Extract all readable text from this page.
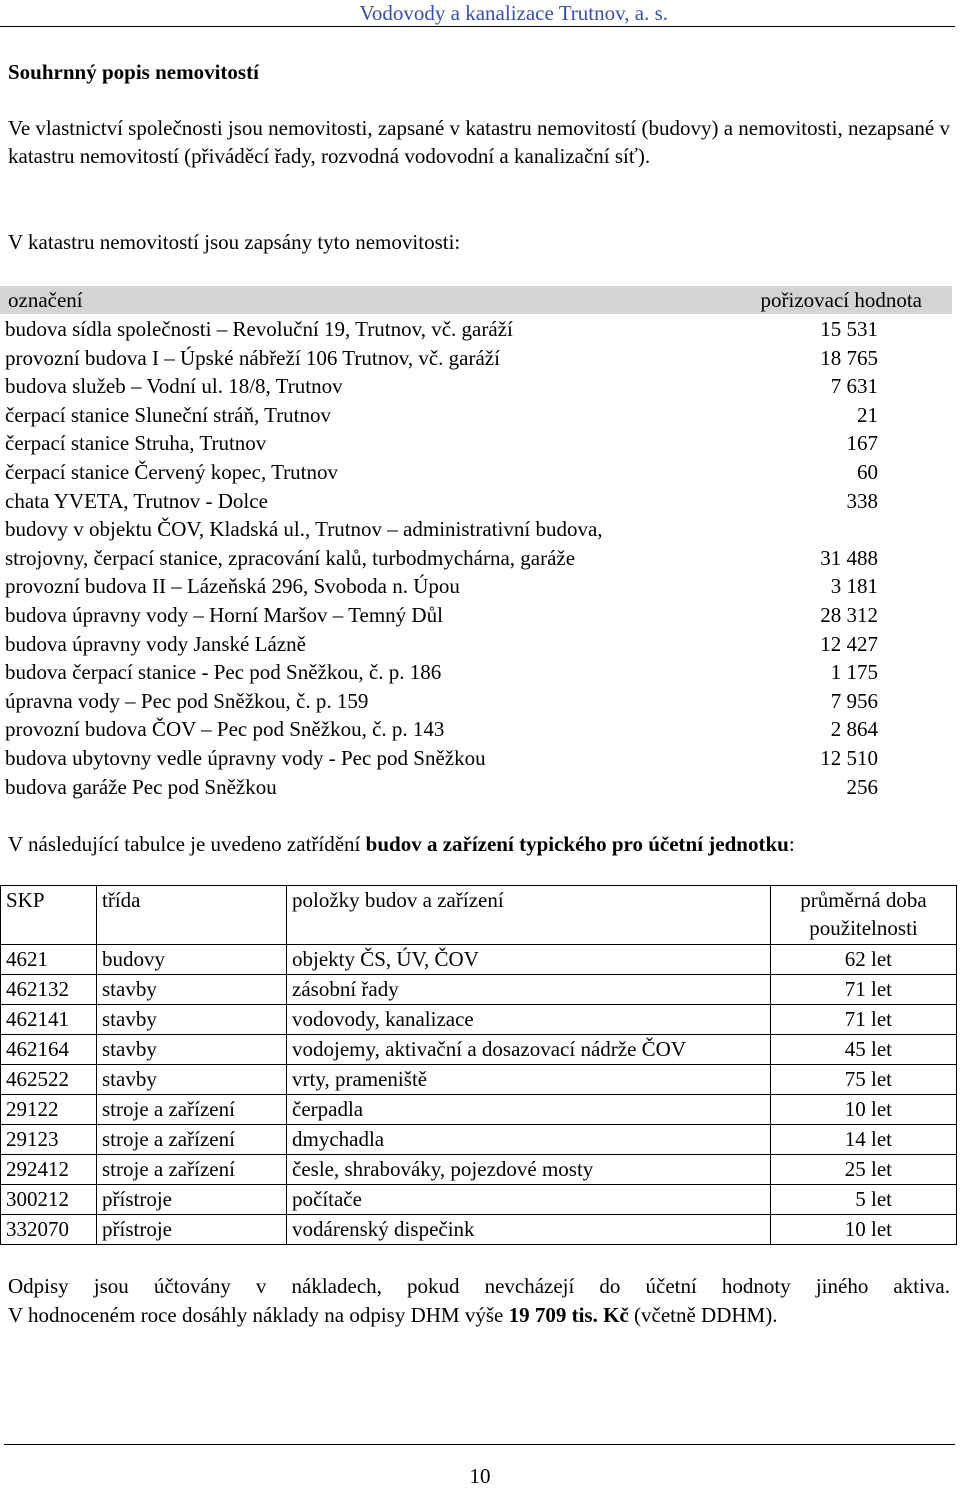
Vodovody a kanalizace Trutnov, a. s.
Souhrnný popis nemovitostí
Ve vlastnictví společnosti jsou nemovitosti, zapsané v katastru nemovitostí (budovy) a nemovitosti, nezapsané v katastru nemovitostí (přiváděcí řady, rozvodná vodovodní a kanalizační síť).
V katastru nemovitostí jsou zapsány tyto nemovitosti:
označení	pořizovací hodnota
budova sídla společnosti – Revoluční 19, Trutnov, vč. garáží	15 531
provozní budova I – Úpské nábřeží 106 Trutnov, vč. garáží	18 765
budova služeb – Vodní ul. 18/8, Trutnov	7 631
čerpací stanice Sluneční stráň, Trutnov	21
čerpací stanice Struha, Trutnov	167
čerpací stanice Červený kopec, Trutnov	60
chata YVETA, Trutnov - Dolce	338
budovy v objektu ČOV, Kladská ul., Trutnov – administrativní budova,
strojovny, čerpací stanice, zpracování kalů, turbodmychárna, garáže	31 488
provozní budova II – Lázeňská 296, Svoboda n. Úpou	3 181
budova úpravny vody – Horní Maršov – Temný Důl	28 312
budova úpravny vody Janské Lázně	12 427
budova čerpací stanice - Pec pod Sněžkou, č. p. 186	1 175
úpravna vody – Pec pod Sněžkou, č. p. 159	7 956
provozní budova ČOV – Pec pod Sněžkou, č. p. 143	2 864
budova ubytovny vedle úpravny vody - Pec pod Sněžkou	12 510
budova garáže Pec pod Sněžkou	256
V následující tabulce je uvedeno zatřídění budov a zařízení typického pro účetní jednotku:
SKP	třída	položky budov a zařízení	průměrná doba použitelnosti
4621	budovy	objekty ČS, ÚV, ČOV	62 let
462132	stavby	zásobní řady	71 let
462141	stavby	vodovody, kanalizace	71 let
462164	stavby	vodojemy, aktivační a dosazovací nádrže ČOV	45 let
462522	stavby	vrty, prameniště	75 let
29122	stroje a zařízení	čerpadla	10 let
29123	stroje a zařízení	dmychadla	14 let
292412	stroje a zařízení	česle, shrabováky, pojezdové mosty	25 let
300212	přístroje	počítače	5 let
332070	přístroje	vodárenský dispečink	10 let
Odpisy jsou účtovány v nákladech, pokud nevcházejí do účetní hodnoty jiného aktiva.
V hodnoceném roce dosáhly náklady na odpisy DHM výše 19 709 tis. Kč (včetně DDHM).
10
